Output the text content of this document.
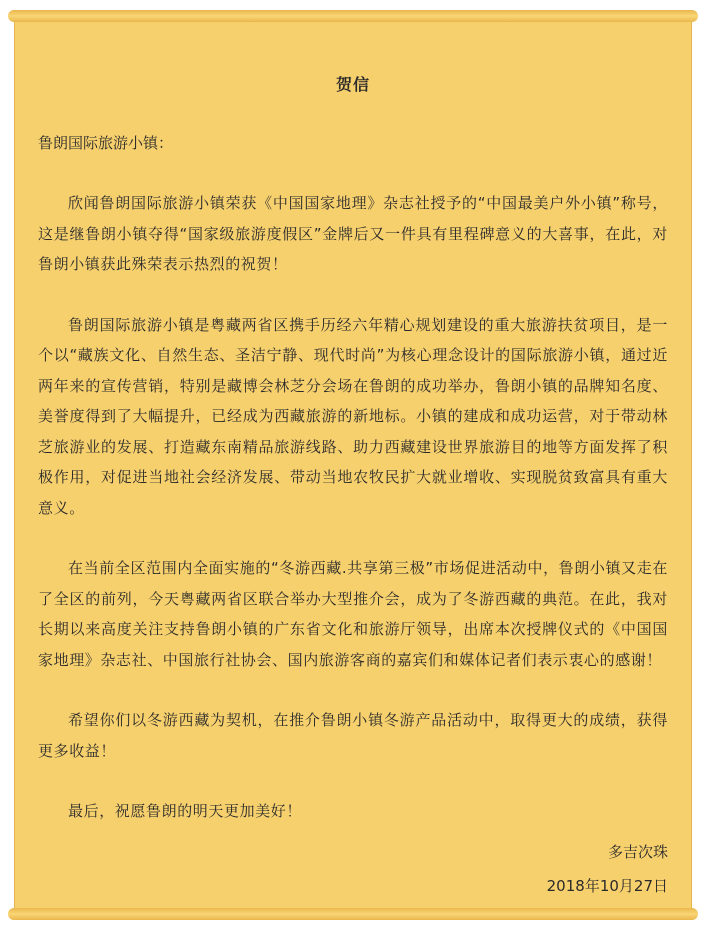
贺信
鲁朗国际旅游小镇：
欣闻鲁朗国际旅游小镇荣获《中国国家地理》杂志社授予的“中国最美户外小镇”称号，这是继鲁朗小镇夺得“国家级旅游度假区”金牌后又一件具有里程碑意义的大喜事，在此，对鲁朗小镇获此殊荣表示热烈的祝贺！
鲁朗国际旅游小镇是粤藏两省区携手历经六年精心规划建设的重大旅游扶贫项目，是一个以“藏族文化、自然生态、圣洁宁静、现代时尚”为核心理念设计的国际旅游小镇，通过近两年来的宣传营销，特别是藏博会林芝分会场在鲁朗的成功举办，鲁朗小镇的品牌知名度、美誉度得到了大幅提升，已经成为西藏旅游的新地标。小镇的建成和成功运营，对于带动林芝旅游业的发展、打造藏东南精品旅游线路、助力西藏建设世界旅游目的地等方面发挥了积极作用，对促进当地社会经济发展、带动当地农牧民扩大就业增收、实现脱贫致富具有重大意义。
在当前全区范围内全面实施的“冬游西藏.共享第三极”市场促进活动中，鲁朗小镇又走在了全区的前列，今天粤藏两省区联合举办大型推介会，成为了冬游西藏的典范。在此，我对长期以来高度关注支持鲁朗小镇的广东省文化和旅游厅领导，出席本次授牌仪式的《中国国家地理》杂志社、中国旅行社协会、国内旅游客商的嘉宾们和媒体记者们表示衷心的感谢！
希望你们以冬游西藏为契机，在推介鲁朗小镇冬游产品活动中，取得更大的成绩，获得更多收益！
最后，祝愿鲁朗的明天更加美好！
多吉次珠
2018年10月27日
